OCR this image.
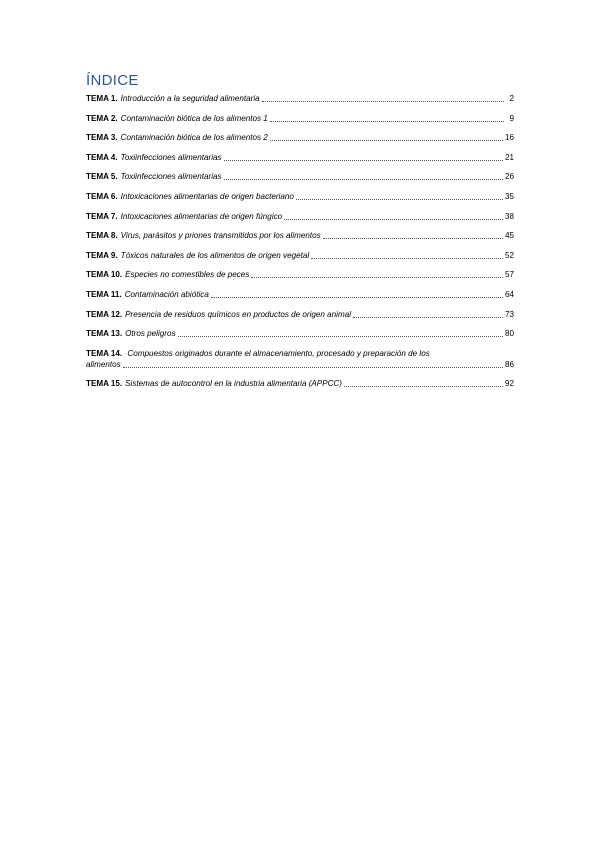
ÍNDICE
TEMA 1. Introducción a la seguridad alimentaria	2
TEMA 2. Contaminación biótica de los alimentos 1	9
TEMA 3. Contaminación biótica de los alimentos 2	16
TEMA 4. Toxiinfecciones alimentarias	21
TEMA 5. Toxiinfecciones alimentarias	26
TEMA 6. Intoxicaciones alimentarias de origen bacteriano	35
TEMA 7. Intoxicaciones alimentarias de origen fúngico	38
TEMA 8. Virus, parásitos y priones transmitidos por los alimentos	45
TEMA 9. Tóxicos naturales de los alimentos de origen vegetal	52
TEMA 10. Especies no comestibles de peces	57
TEMA 11. Contaminación abiótica	64
TEMA 12. Presencia de residuos químicos en productos de origen animal	73
TEMA 13. Otros peligros	80
TEMA 14. Compuestos originados durante el almacenamiento, procesado y preparación de los
alimentos	86
TEMA 15. Sistemas de autocontrol en la industria alimentaria (APPCC)	92
